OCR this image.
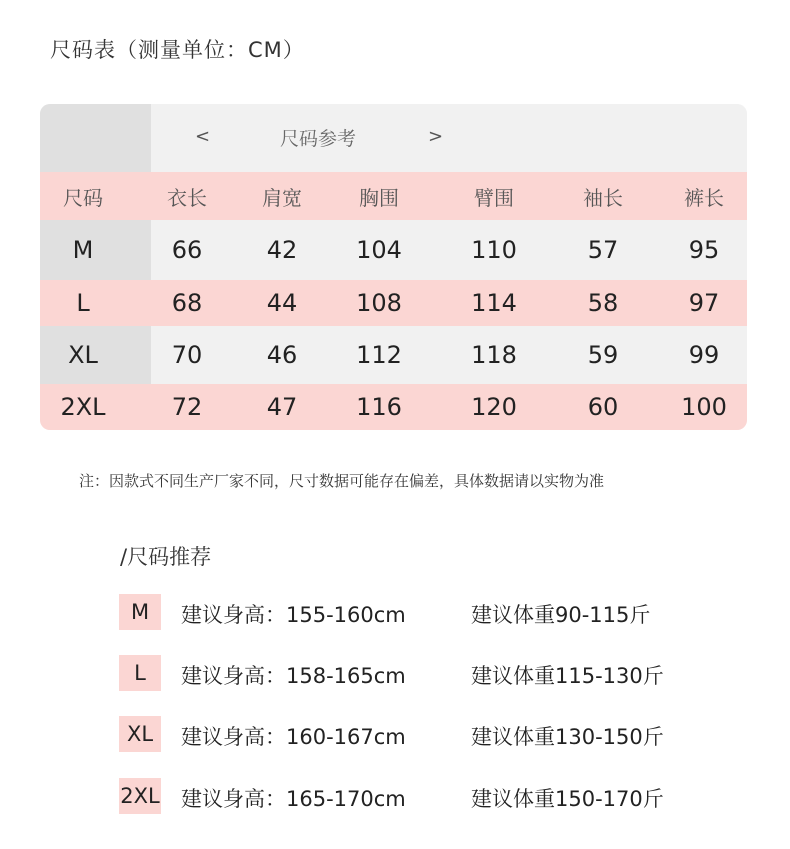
尺码表（测量单位：CM）
<	尺码参考	>
尺码	衣长	肩宽	胸围	臂围	袖长	裤长
M	66	42	104	110	57	95
L	68	44	108	114	58	97
XL	70	46	112	118	59	99
2XL	72	47	116	120	60	100
注：因款式不同生产厂家不同，尺寸数据可能存在偏差，具体数据请以实物为准
/尺码推荐
M	建议身高：155-160cm	建议体重90-115斤
L	建议身高：158-165cm	建议体重115-130斤
XL	建议身高：160-167cm	建议体重130-150斤
2XL 建议身高：165-170cm	建议体重150-170斤
